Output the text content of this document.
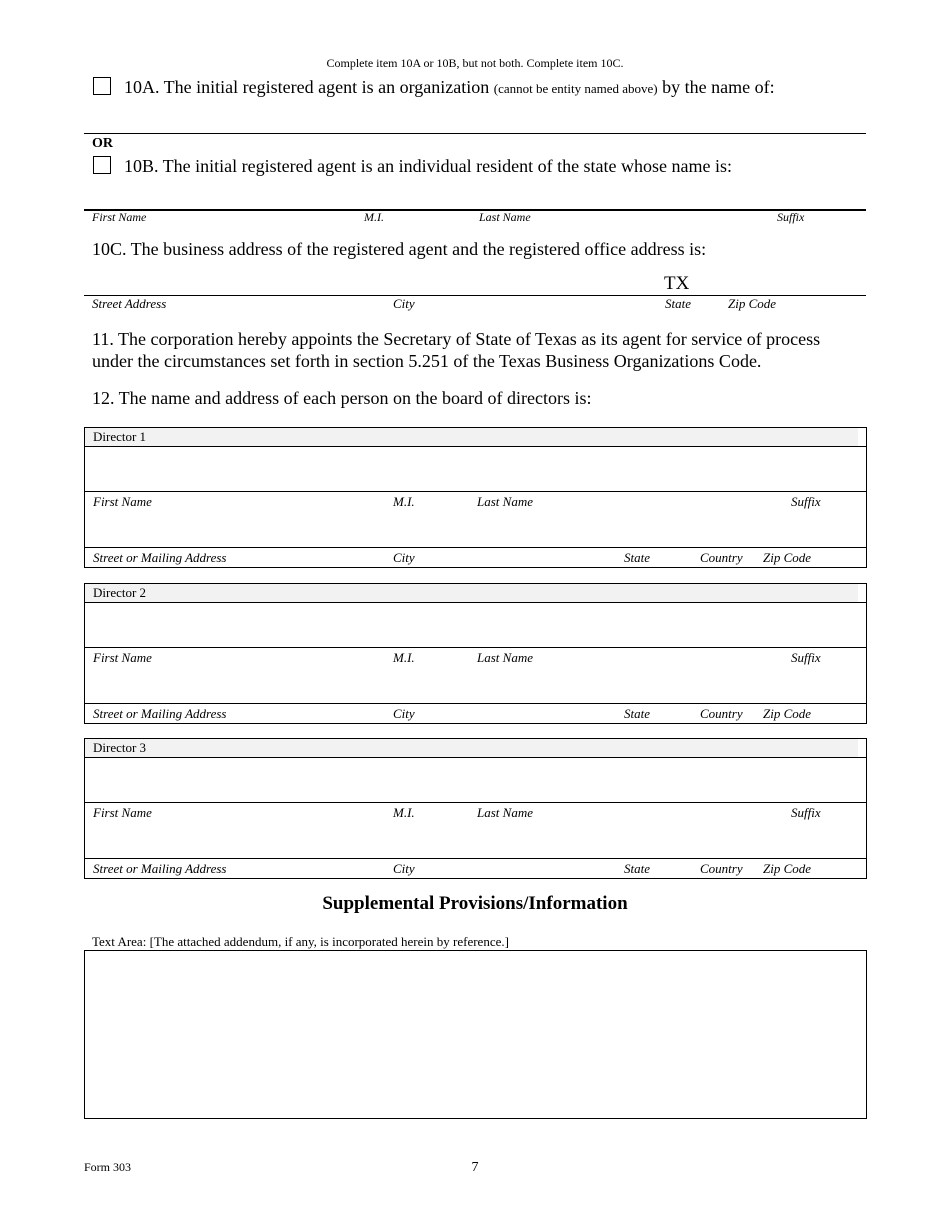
Complete item 10A or 10B, but not both. Complete item 10C.
10A. The initial registered agent is an organization (cannot be entity named above) by the name of:
OR
10B. The initial registered agent is an individual resident of the state whose name is:
First Name	M.I.	Last Name	Suffix
10C. The business address of the registered agent and the registered office address is:
TX
Street Address	City	State	Zip Code
11. The corporation hereby appoints the Secretary of State of Texas as its agent for service of process
under the circumstances set forth in section 5.251 of the Texas Business Organizations Code.
12. The name and address of each person on the board of directors is:
Director 1
First Name	M.I.	Last Name	Suffix
Street or Mailing Address	City	State	Country Zip Code
Director 2
First Name	M.I.	Last Name	Suffix
Street or Mailing Address	City	State	Country Zip Code
Director 3
First Name	M.I.	Last Name	Suffix
Street or Mailing Address	City	State	Country Zip Code
Supplemental Provisions/Information
Text Area: [The attached addendum, if any, is incorporated herein by reference.]
Form 303	7
